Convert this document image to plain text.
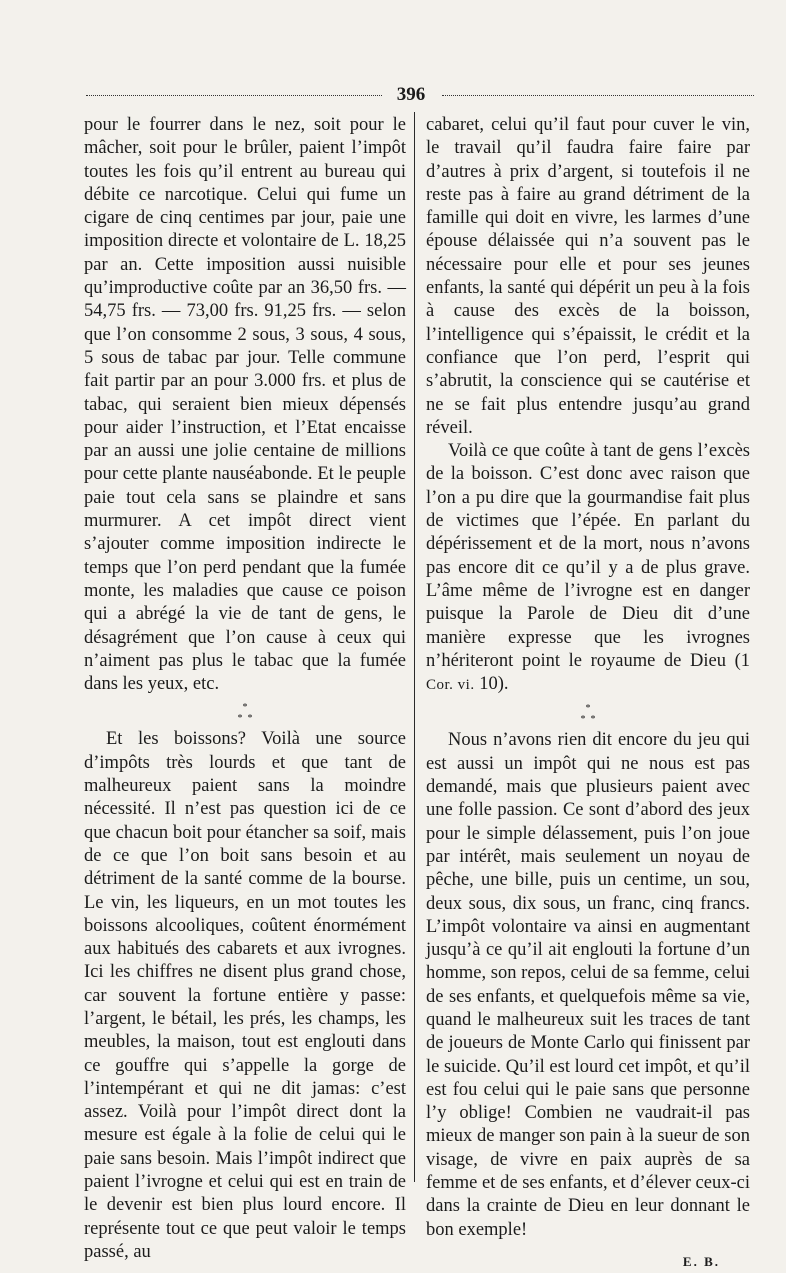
396

pour le fourrer dans le nez, soit pour le mâcher, soit pour le brûler, paient l’impôt toutes les fois qu’il entrent au bureau qui débite ce narcotique. Celui qui fume un cigare de cinq centimes par jour, paie une imposition directe et volontaire de L. 18,25 par an. Cette imposition aussi nuisible qu’improductive coûte par an 36,50 frs. — 54,75 frs. — 73,00 frs. 91,25 frs. — selon que l’on consomme 2 sous, 3 sous, 4 sous, 5 sous de tabac par jour. Telle commune fait partir par an pour 3.000 frs. et plus de tabac, qui seraient bien mieux dépensés pour aider l’instruction, et l’Etat encaisse par an aussi une jolie centaine de millions pour cette plante nauséabonde. Et le peuple paie tout cela sans se plaindre et sans murmurer. A cet impôt direct vient s’ajouter comme imposition indirecte le temps que l’on perd pendant que la fumée monte, les maladies que cause ce poison qui a abrégé la vie de tant de gens, le désagrément que l’on cause à ceux qui n’aiment pas plus le tabac que la fumée dans les yeux, etc.

*
*  *

Et les boissons? Voilà une source d’impôts très lourds et que tant de malheureux paient sans la moindre nécessité. Il n’est pas question ici de ce que chacun boit pour étancher sa soif, mais de ce que l’on boit sans besoin et au détriment de la santé comme de la bourse. Le vin, les liqueurs, en un mot toutes les boissons alcooliques, coûtent énormément aux habitués des cabarets et aux ivrognes. Ici les chiffres ne disent plus grand chose, car souvent la fortune entière y passe: l’argent, le bétail, les prés, les champs, les meubles, la maison, tout est englouti dans ce gouffre qui s’appelle la gorge de l’intempérant et qui ne dit jamas: c’est assez. Voilà pour l’impôt direct dont la mesure est égale à la folie de celui qui le paie sans besoin. Mais l’impôt indirect que paient l’ivrogne et celui qui est en train de le devenir est bien plus lourd encore. Il représente tout ce que peut valoir le temps passé, au

cabaret, celui qu’il faut pour cuver le vin, le travail qu’il faudra faire faire par d’autres à prix d’argent, si toutefois il ne reste pas à faire au grand détriment de la famille qui doit en vivre, les larmes d’une épouse délaissée qui n’a souvent pas le nécessaire pour elle et pour ses jeunes enfants, la santé qui dépérit un peu à la fois à cause des excès de la boisson, l’intelligence qui s’épaissit, le crédit et la confiance que l’on perd, l’esprit qui s’abrutit, la conscience qui se cautérise et ne se fait plus entendre jusqu’au grand réveil.

Voilà ce que coûte à tant de gens l’excès de la boisson. C’est donc avec raison que l’on a pu dire que la gourmandise fait plus de victimes que l’épée. En parlant du dépérissement et de la mort, nous n’avons pas encore dit ce qu’il y a de plus grave. L’âme même de l’ivrogne est en danger puisque la Parole de Dieu dit d’une manière expresse que les ivrognes n’hériteront point le royaume de Dieu (1 Cor. vi. 10).

*
*  *

Nous n’avons rien dit encore du jeu qui est aussi un impôt qui ne nous est pas demandé, mais que plusieurs paient avec une folle passion. Ce sont d’abord des jeux pour le simple délassement, puis l’on joue par intérêt, mais seulement un noyau de pêche, une bille, puis un centime, un sou, deux sous, dix sous, un franc, cinq francs. L’impôt volontaire va ainsi en augmentant jusqu’à ce qu’il ait englouti la fortune d’un homme, son repos, celui de sa femme, celui de ses enfants, et quelquefois même sa vie, quand le malheureux suit les traces de tant de joueurs de Monte Carlo qui finissent par le suicide. Qu’il est lourd cet impôt, et qu’il est fou celui qui le paie sans que personne l’y oblige! Combien ne vaudrait-il pas mieux de manger son pain à la sueur de son visage, de vivre en paix auprès de sa femme et de ses enfants, et d’élever ceux-ci dans la crainte de Dieu en leur donnant le bon exemple!

E. B.
